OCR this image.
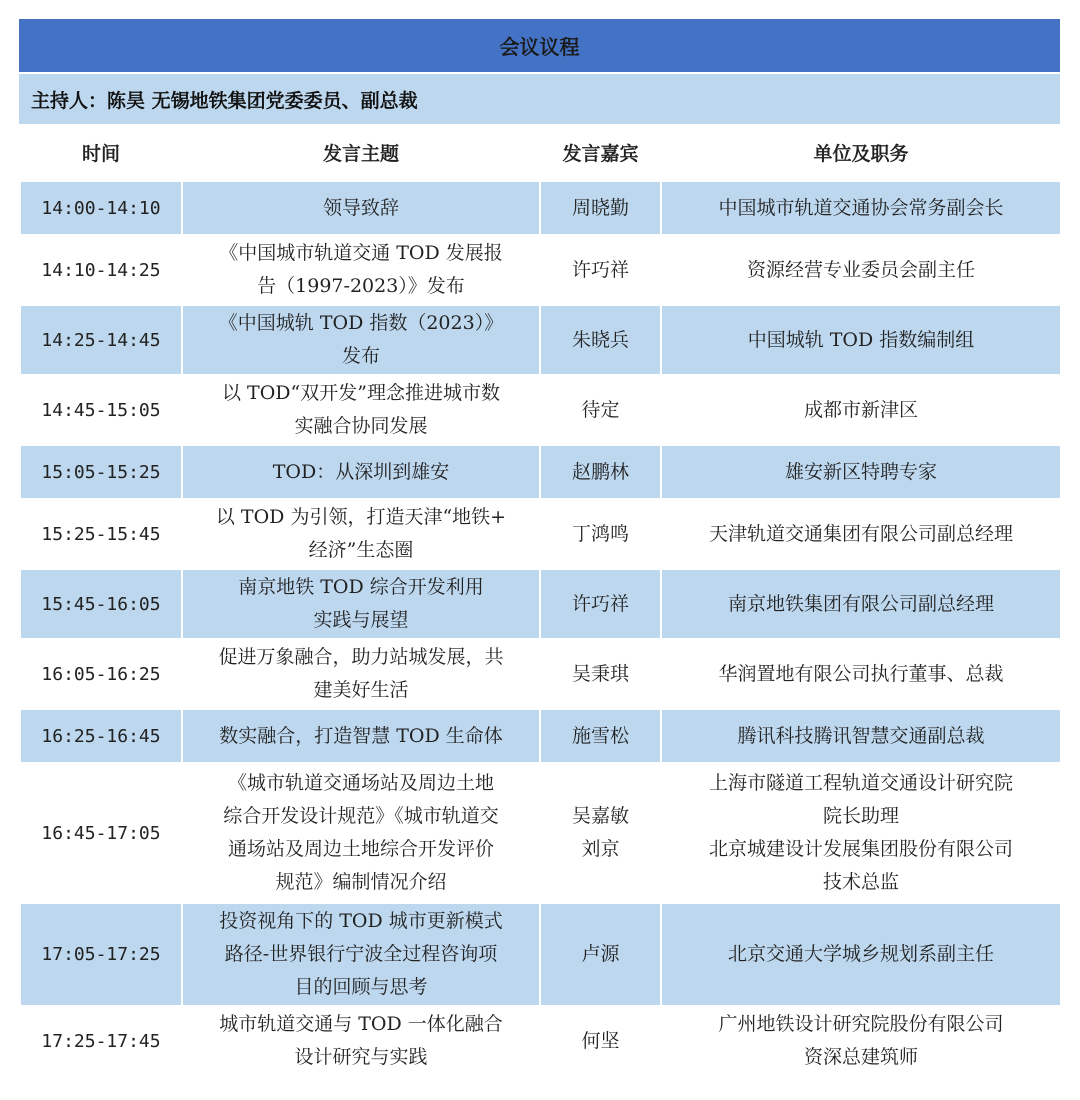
会议议程
主持人：陈昊 无锡地铁集团党委委员、副总裁
时间	发言主题	发言嘉宾	单位及职务
14:00-14:10	领导致辞	周晓勤	中国城市轨道交通协会常务副会长

14:10-14:25	《中国城市轨道交通 TOD 发展报
告（1997-2023）》发布	许巧祥	资源经营专业委员会副主任

14:25-14:45	《中国城轨 TOD 指数（2023）》
发布	朱晓兵	中国城轨 TOD 指数编制组

14:45-15:05	以 TOD“双开发”理念推进城市数
实融合协同发展	待定	成都市新津区

15:05-15:25	TOD：从深圳到雄安	赵鹏林	雄安新区特聘专家

15:25-15:45	以 TOD 为引领，打造天津“地铁+
经济”生态圈	丁鸿鸣	天津轨道交通集团有限公司副总经理

15:45-16:05	南京地铁 TOD 综合开发利用
实践与展望	许巧祥	南京地铁集团有限公司副总经理

16:05-16:25	促进万象融合，助力站城发展，共
建美好生活	吴秉琪	华润置地有限公司执行董事、总裁

16:25-16:45	数实融合，打造智慧 TOD 生命体	施雪松	腾讯科技腾讯智慧交通副总裁

16:45-17:05	《城市轨道交通场站及周边土地
综合开发设计规范》《城市轨道交
通场站及周边土地综合开发评价
规范》编制情况介绍	吴嘉敏
刘京	上海市隧道工程轨道交通设计研究院
院长助理
北京城建设计发展集团股份有限公司
技术总监

17:05-17:25	投资视角下的 TOD 城市更新模式
路径-世界银行宁波全过程咨询项
目的回顾与思考	卢源	北京交通大学城乡规划系副主任

17:25-17:45	城市轨道交通与 TOD 一体化融合
设计研究与实践	何坚	广州地铁设计研究院股份有限公司
资深总建筑师
